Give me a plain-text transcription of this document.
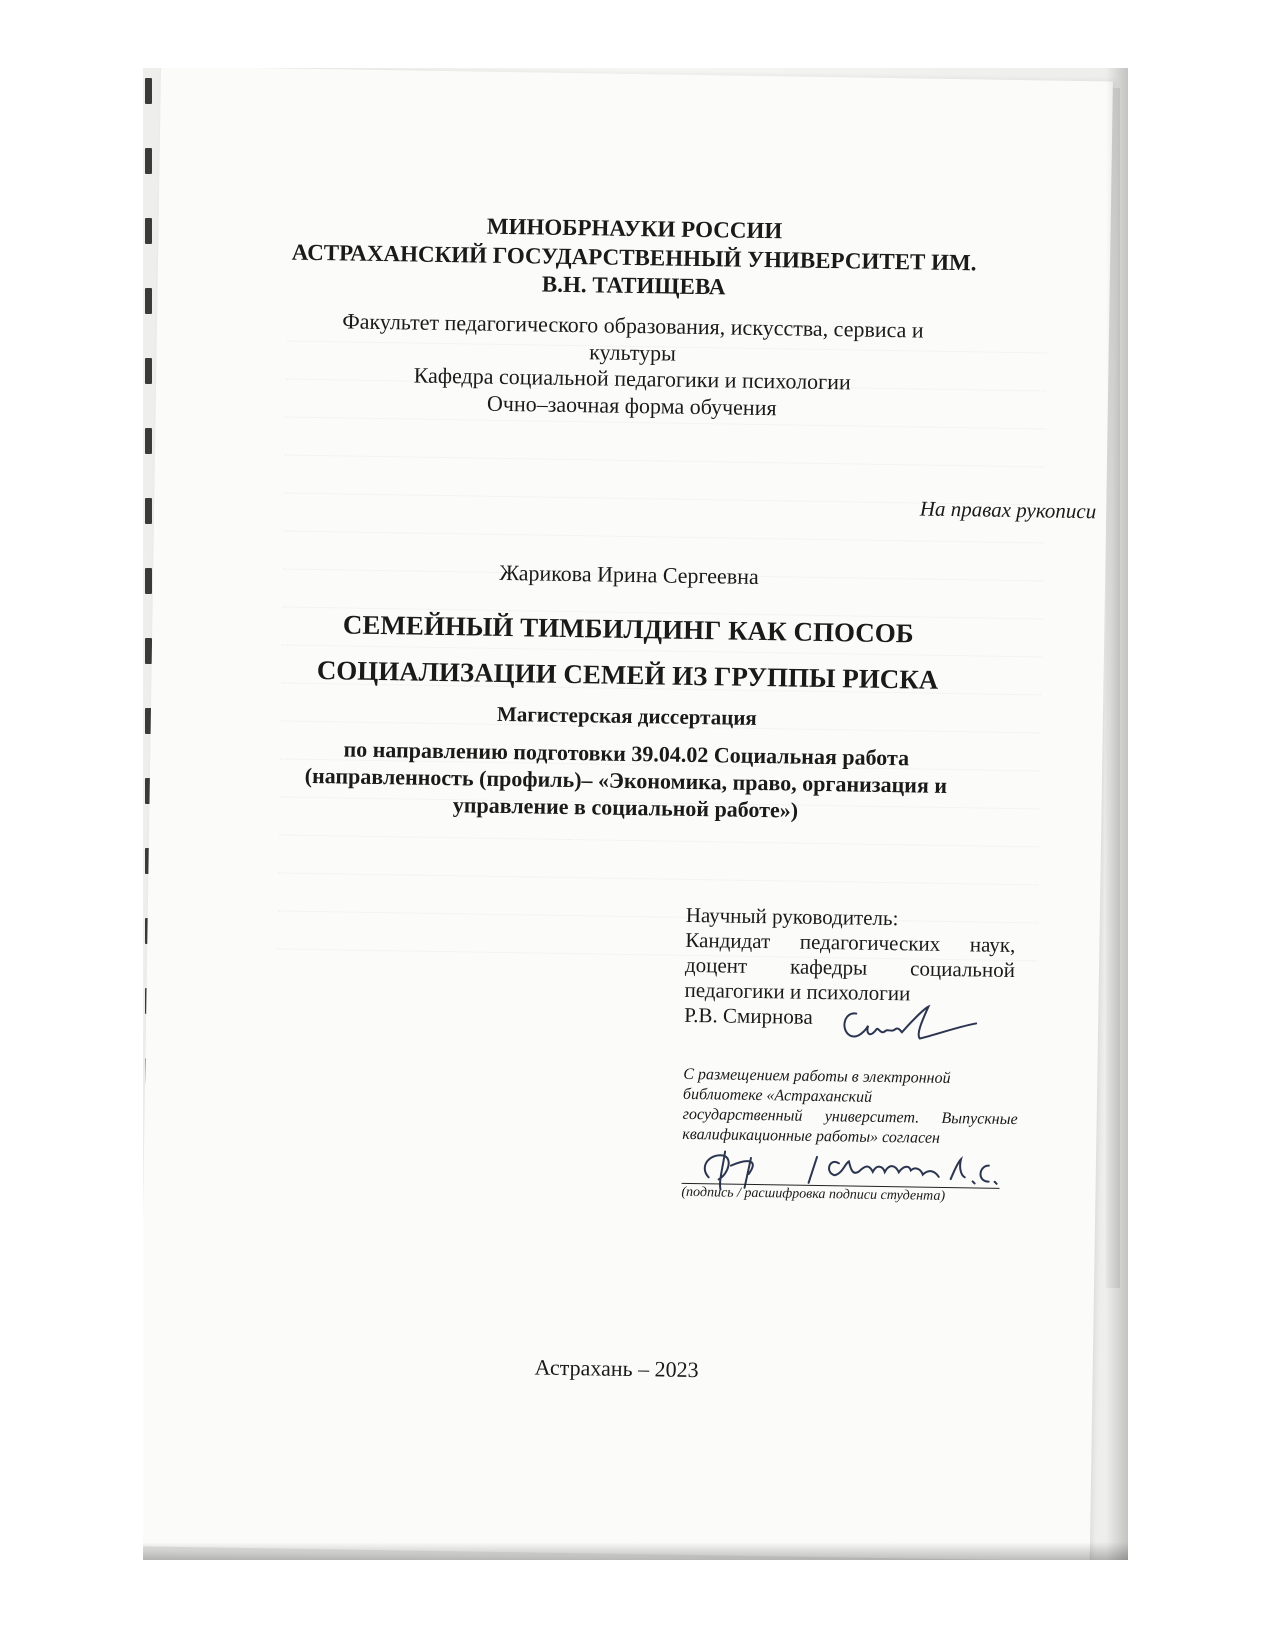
МИНОБРНАУКИ РОССИИ
АСТРАХАНСКИЙ ГОСУДАРСТВЕННЫЙ УНИВЕРСИТЕТ ИМ.
В.Н. ТАТИЩЕВА
Факультет педагогического образования, искусства, сервиса и
культуры
Кафедра социальной педагогики и психологии
Очно–заочная форма обучения
На правах рукописи
Жарикова Ирина Сергеевна
СЕМЕЙНЫЙ ТИМБИЛДИНГ КАК СПОСОБ
СОЦИАЛИЗАЦИИ СЕМЕЙ ИЗ ГРУППЫ РИСКА
Магистерская диссертация
по направлению подготовки 39.04.02 Социальная работа
(направленность (профиль)– «Экономика, право, организация и
управление в социальной работе»)
Научный руководитель:
Кандидат педагогических наук,
доцент кафедры социальной
педагогики и психологии
Р.В. Смирнова
С размещением работы в электронной
библиотеке «Астраханский
государственный университет. Выпускные
квалификационные работы» согласен
(подпись / расшифровка подписи студента)
Астрахань – 2023
